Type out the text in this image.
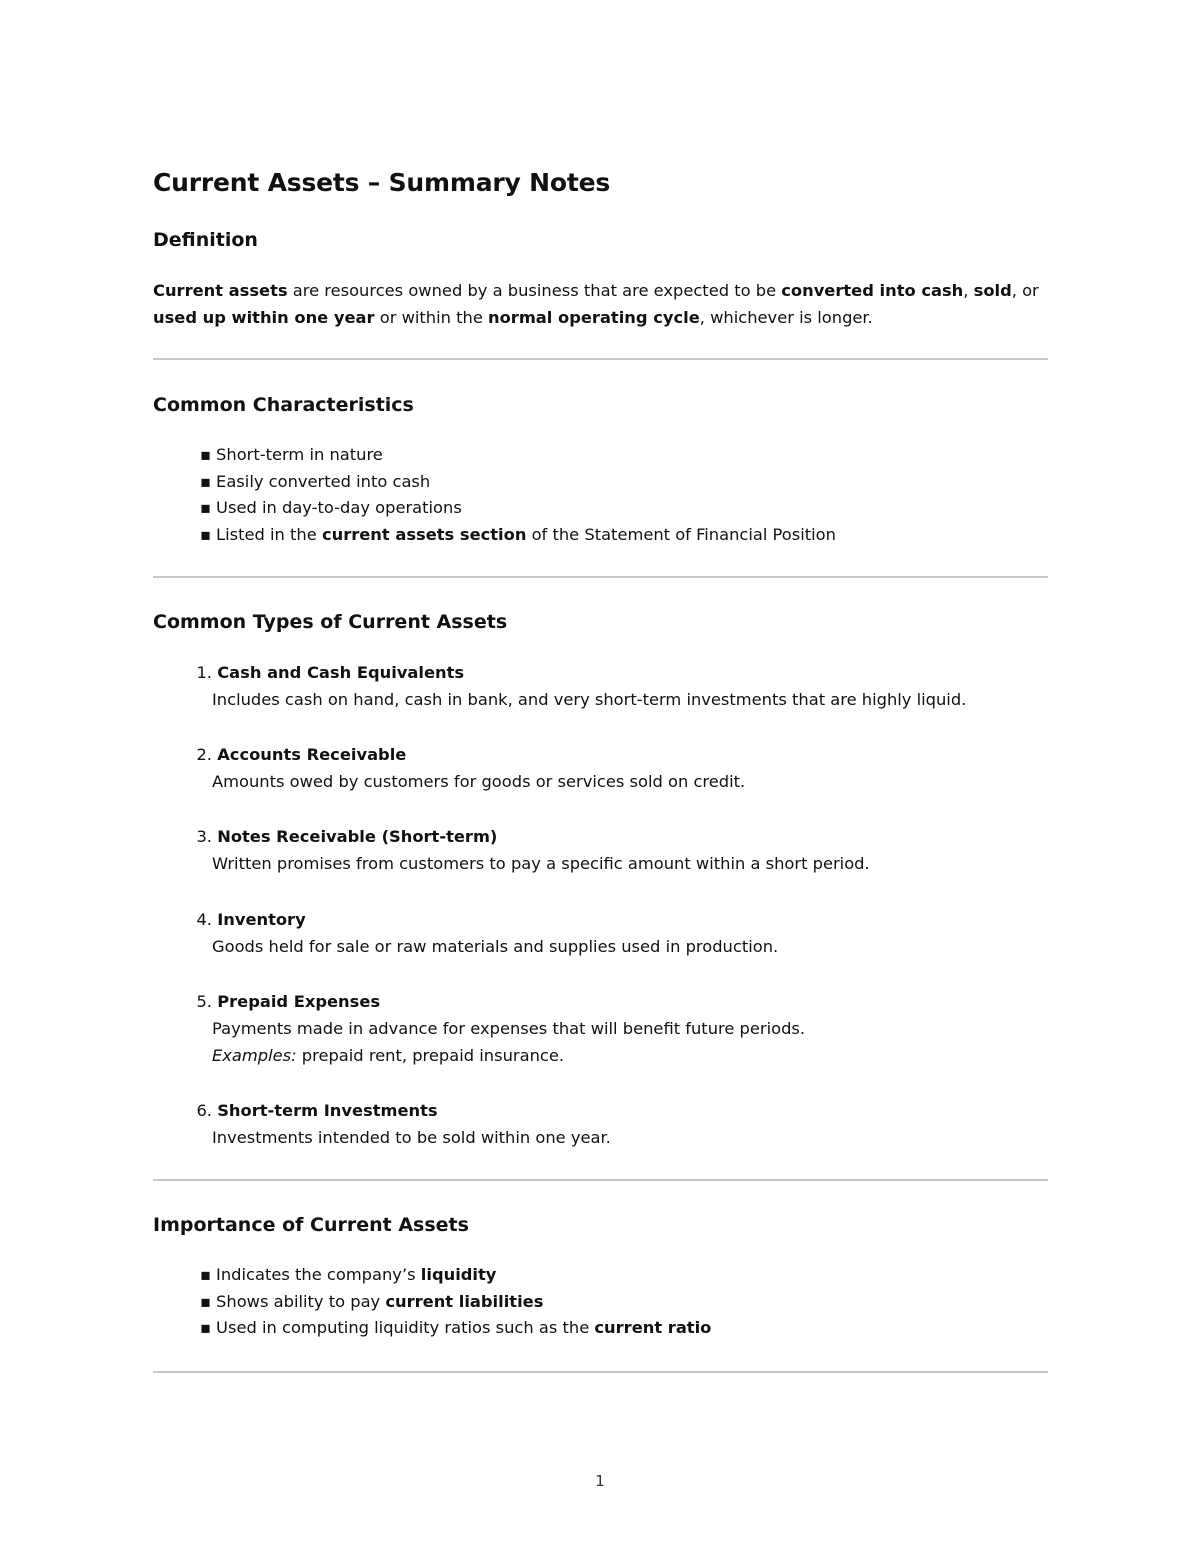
Current Assets – Summary Notes
Definition

Current assets are resources owned by a business that are expected to be converted into cash, sold, or
used up within one year or within the normal operating cycle, whichever is longer.

Common Characteristics
▪ Short-term in nature
▪ Easily converted into cash
▪ Used in day-to-day operations
▪ Listed in the current assets section of the Statement of Financial Position
Common Types of Current Assets
1. Cash and Cash Equivalents
Includes cash on hand, cash in bank, and very short-term investments that are highly liquid.
2. Accounts Receivable
Amounts owed by customers for goods or services sold on credit.
3. Notes Receivable (Short-term)
Written promises from customers to pay a specific amount within a short period.
4. Inventory
Goods held for sale or raw materials and supplies used in production.
5. Prepaid Expenses
Payments made in advance for expenses that will benefit future periods.
Examples: prepaid rent, prepaid insurance.
6. Short-term Investments
Investments intended to be sold within one year.
Importance of Current Assets
▪ Indicates the company’s liquidity
▪ Shows ability to pay current liabilities
▪ Used in computing liquidity ratios such as the current ratio
1
